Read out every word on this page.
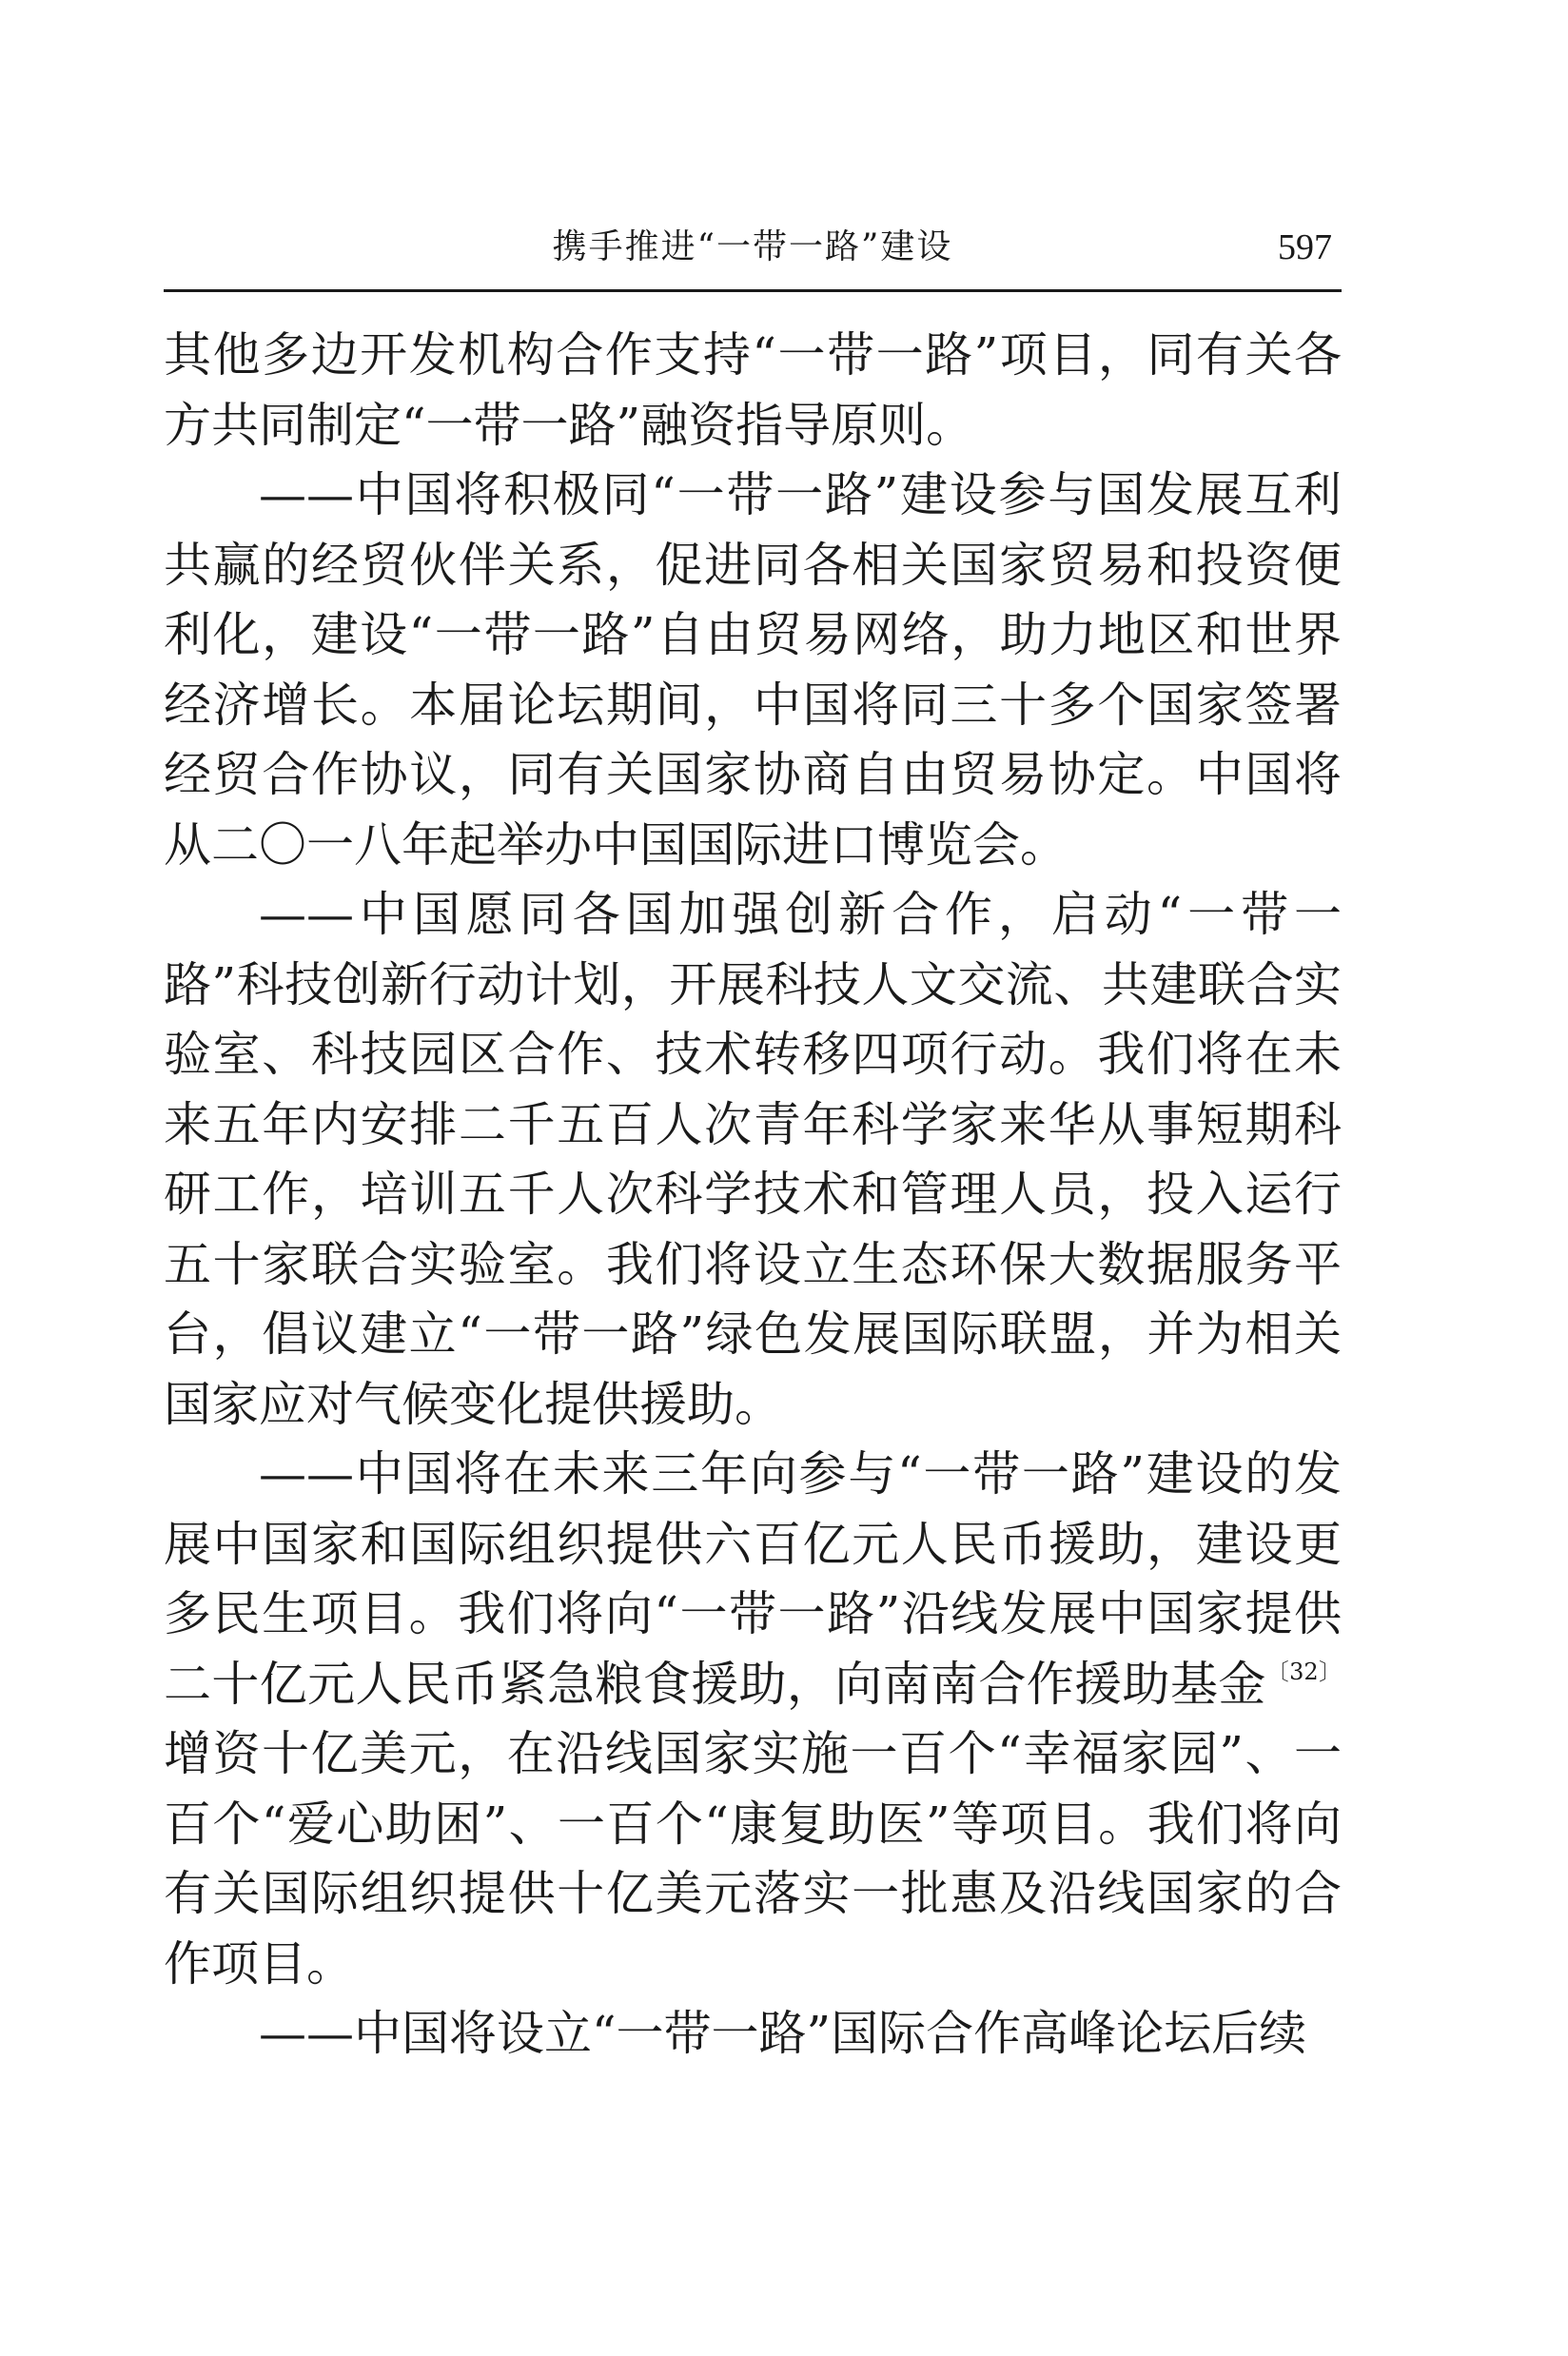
携手推进“一带一路”建设	597

其他多边开发机构合作支持“一带一路”项目，同有关各方共同制定“一带一路”融资指导原则。

——中国将积极同“一带一路”建设参与国发展互利共赢的经贸伙伴关系，促进同各相关国家贸易和投资便利化，建设“一带一路”自由贸易网络，助力地区和世界经济增长。本届论坛期间，中国将同三十多个国家签署经贸合作协议，同有关国家协商自由贸易协定。中国将从二〇一八年起举办中国国际进口博览会。

——中国愿同各国加强创新合作，启动“一带一路”科技创新行动计划，开展科技人文交流、共建联合实验室、科技园区合作、技术转移四项行动。我们将在未来五年内安排二千五百人次青年科学家来华从事短期科研工作，培训五千人次科学技术和管理人员，投入运行五十家联合实验室。我们将设立生态环保大数据服务平台，倡议建立“一带一路”绿色发展国际联盟，并为相关国家应对气候变化提供援助。

——中国将在未来三年向参与“一带一路”建设的发展中国家和国际组织提供六百亿元人民币援助，建设更多民生项目。我们将向“一带一路”沿线发展中国家提供二十亿元人民币紧急粮食援助，向南南合作援助基金$^{〔32〕}$增资十亿美元，在沿线国家实施一百个“幸福家园”、一百个“爱心助困”、一百个“康复助医”等项目。我们将向有关国际组织提供十亿美元落实一批惠及沿线国家的合作项目。

——中国将设立“一带一路”国际合作高峰论坛后续
